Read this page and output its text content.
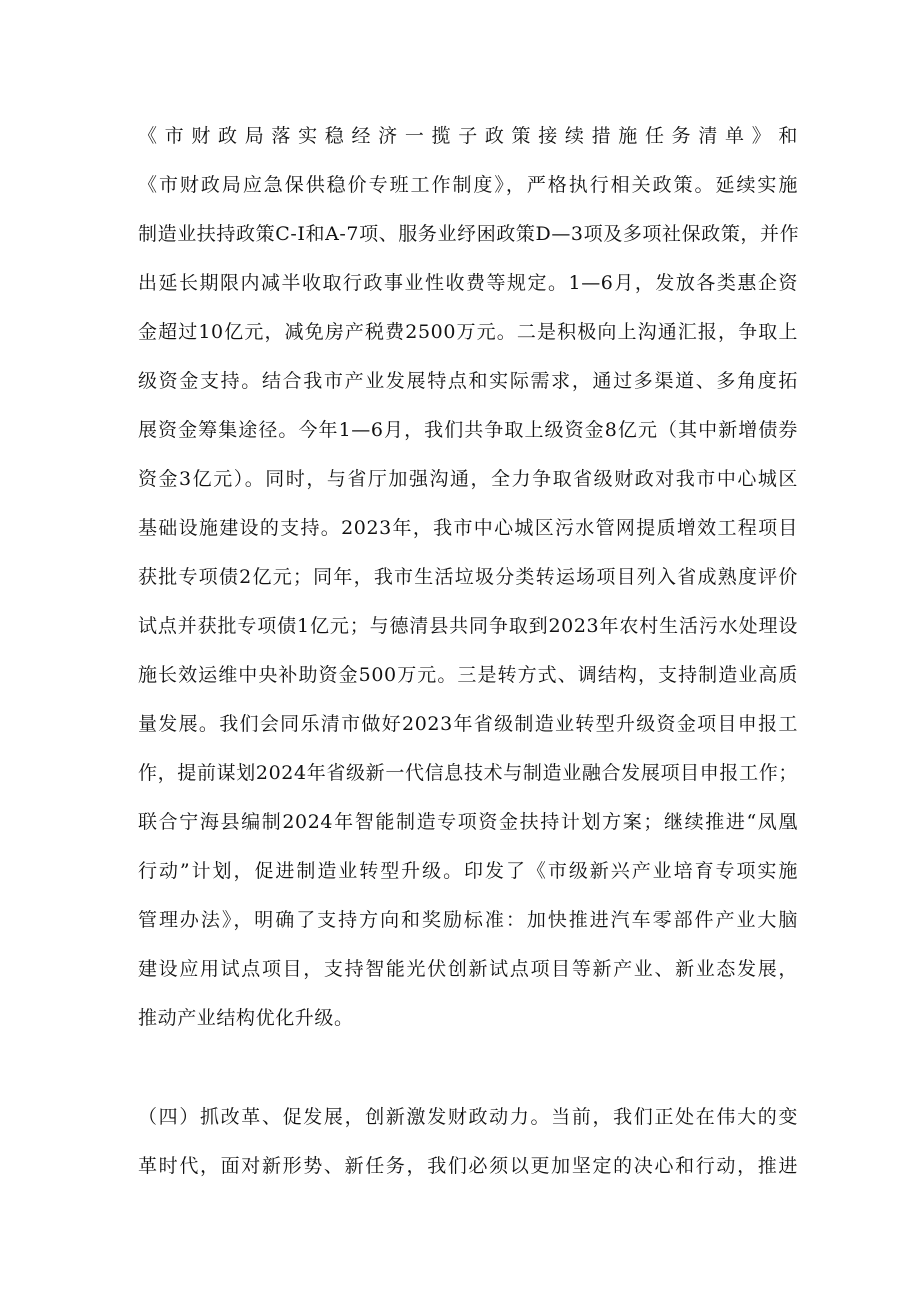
《市财政局落实稳经济一揽子政策接续措施任务清单》和
《市财政局应急保供稳价专班工作制度》，严格执行相关政策。延续实施
制造业扶持政策C-I和A-7项、服务业纾困政策D—3项及多项社保政策，并作
出延长期限内减半收取行政事业性收费等规定。1—6月，发放各类惠企资
金超过10亿元，减免房产税费2500万元。二是积极向上沟通汇报，争取上
级资金支持。结合我市产业发展特点和实际需求，通过多渠道、多角度拓
展资金筹集途径。今年1—6月，我们共争取上级资金8亿元（其中新增债券
资金3亿元）。同时，与省厅加强沟通，全力争取省级财政对我市中心城区
基础设施建设的支持。2023年，我市中心城区污水管网提质增效工程项目
获批专项债2亿元；同年，我市生活垃圾分类转运场项目列入省成熟度评价
试点并获批专项债1亿元；与德清县共同争取到2023年农村生活污水处理设
施长效运维中央补助资金500万元。三是转方式、调结构，支持制造业高质
量发展。我们会同乐清市做好2023年省级制造业转型升级资金项目申报工
作，提前谋划2024年省级新一代信息技术与制造业融合发展项目申报工作；
联合宁海县编制2024年智能制造专项资金扶持计划方案；继续推进“凤凰
行动”计划，促进制造业转型升级。印发了《市级新兴产业培育专项实施
管理办法》，明确了支持方向和奖励标准：加快推进汽车零部件产业大脑
建设应用试点项目，支持智能光伏创新试点项目等新产业、新业态发展，
推动产业结构优化升级。
（四）抓改革、促发展，创新激发财政动力。当前，我们正处在伟大的变
革时代，面对新形势、新任务，我们必须以更加坚定的决心和行动，推进
